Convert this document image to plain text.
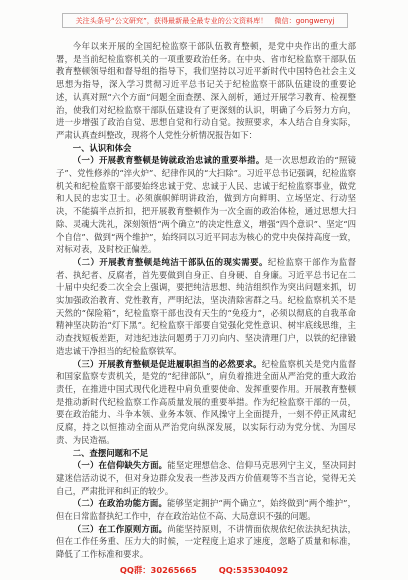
关注头条号“公文研究”，获得最新最全最专业的公文资料库！　微信：gongwenyj

今年以来开展的全国纪检监察干部队伍教育整顿，是党中央作出的重大部署，是当前纪检监察机关的一项重要政治任务。在中央、省市纪检监察干部队伍教育整顿领导组和督导组的指导下，我们坚持以习近平新时代中国特色社会主义思想为指导，深入学习贯彻习近平总书记关于纪检监察干部队伍建设的重要论述，认真对照“六个方面”问题全面查摆、深入剖析，通过开展学习教育、检视整治，使我们对纪检监察干部队伍建设有了更深刻的认识，明确了今后努力方向，进一步增强了政治自觉、思想自觉和行动自觉。按照要求，本人结合自身实际，严肃认真查纠整改，现将个人党性分析情况报告如下：

一、认识和体会

（一）开展教育整顿是铸就政治忠诚的重要举措。是一次思想政治的“照镜子”、党性修养的“淬火炉”、纪律作风的“大扫除”。习近平总书记强调，纪检监察机关和纪检监察干部要始终忠诚于党、忠诚于人民、忠诚于纪检监察事业，做党和人民的忠实卫士。必须旗帜鲜明讲政治，做到方向鲜明、立场坚定、行动坚决，不能搞半点折扣，把开展教育整顿作为一次全面的政治体检，通过思想大扫除、灵魂大洗礼，深刻领悟“两个确立”的决定性意义，增强“四个意识”、坚定“四个自信”、做到“两个维护”，始终同以习近平同志为核心的党中央保持高度一致，对标对表，及时校正偏差。

（二）开展教育整顿是纯洁干部队伍的现实需要。纪检监察干部作为监督者、执纪者、反腐者，首先要做到自身正、自身硬、自身廉。习近平总书记在二十届中央纪委二次全会上强调，要把纯洁思想、纯洁组织作为突出问题来抓，切实加强政治教育、党性教育，严明纪法，坚决清除害群之马。纪检监察机关不是天然的“保险箱”，纪检监察干部也没有天生的“免疫力”，必须以彻底的自我革命精神坚决防治“灯下黑”。纪检监察干部要自觉强化党性意识、树牢底线思维，主动查找短板差距，对违纪违法问题勇于刀刃向内、坚决清理门户，以铁的纪律锻造忠诚干净担当的纪检监察铁军。

（三）开展教育整顿是促进履职担当的必然要求。纪检监察机关是党内监督和国家监察专责机关，是党的“纪律部队”，肩负着推进全面从严治党的重大政治责任，在推进中国式现代化进程中肩负重要使命、发挥重要作用。开展教育整顿是推动新时代纪检监察工作高质量发展的重要举措。作为纪检监察干部的一员，要在政治能力、斗争本领、业务本领、作风操守上全面提升，一刻不停正风肃纪反腐，持之以恒推动全面从严治党向纵深发展，以实际行动为党分忧、为国尽责、为民造福。

二、查摆问题和不足

（一）在信仰缺失方面。能坚定理想信念、信仰马克思列宁主义，坚决同封建迷信活动说不，但对身边群众发表一些涉及西方价值观等不当言论，觉得无关自己，严肃批评和纠正的较少。

（二）在政治功能方面。能够坚定拥护“两个确立”，始终做到“两个维护”，但在日常监督执纪工作中，存在政治站位不高、大局意识不强的问题。

（三）在工作原则方面。尚能坚持原则，不讲情面依规依纪依法执纪执法，但在工作任务重、压力大的时候，一定程度上追求了速度，忽略了质量和标准，降低了工作标准和要求。

QQ群：30265665	QQ:535304092
